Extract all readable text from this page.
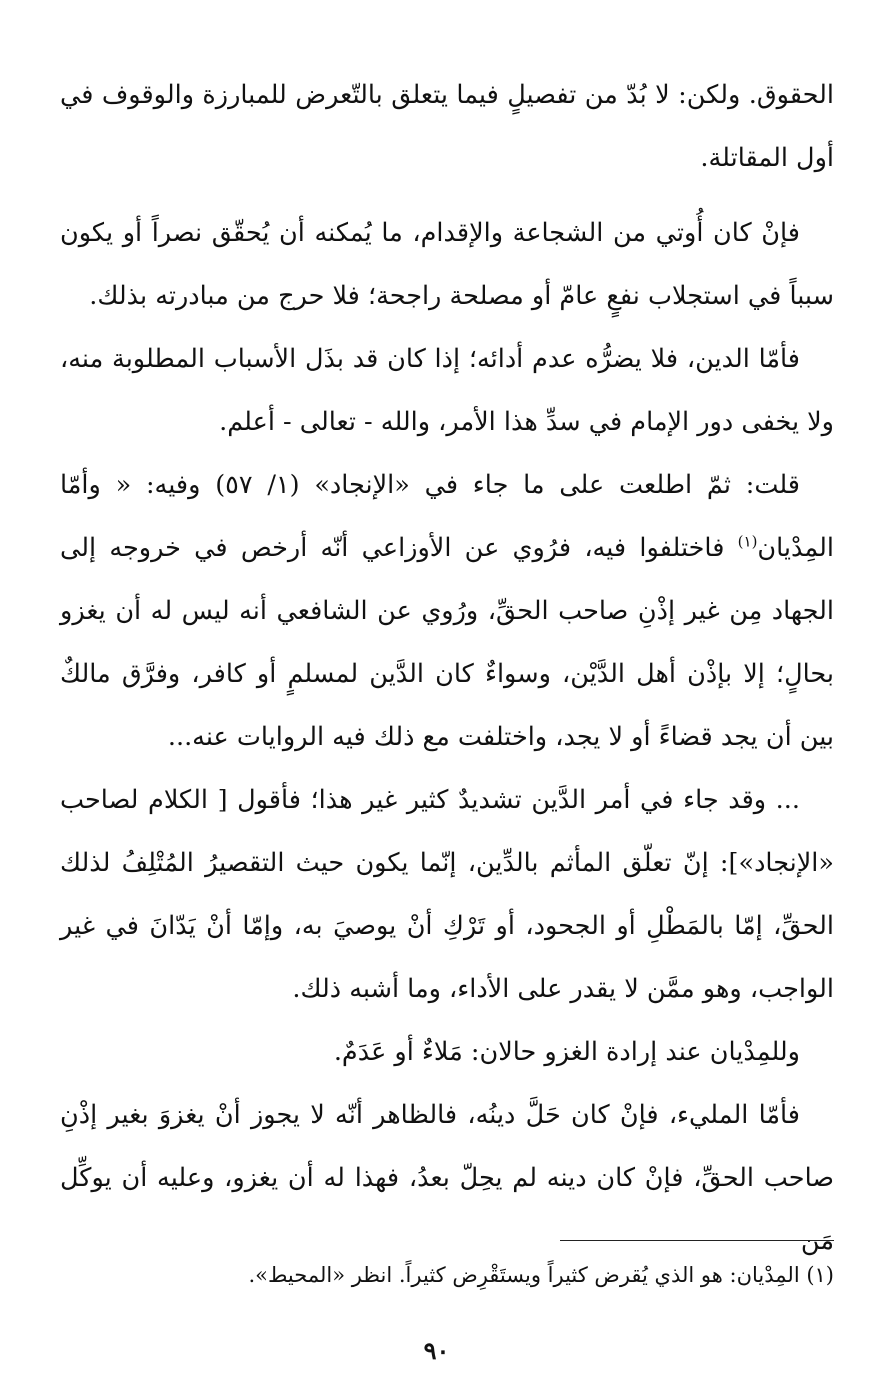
الحقوق. ولكن: لا بُدّ من تفصيلٍ فيما يتعلق بالتّعرض للمبارزة والوقوف في أول المقاتلة.

فإنْ كان أُوتي من الشجاعة والإقدام، ما يُمكنه أن يُحقّق نصراً أو يكون سبباً في استجلاب نفعٍ عامّ أو مصلحة راجحة؛ فلا حرج من مبادرته بذلك.

فأمّا الدين، فلا يضرُّه عدم أدائه؛ إذا كان قد بذَل الأسباب المطلوبة منه، ولا يخفى دور الإمام في سدِّ هذا الأمر، والله - تعالى - أعلم.

قلت: ثمّ اطلعت على ما جاء في «الإنجاد» (١/ ٥٧) وفيه: « وأمّا المِدْيان$^{(١)}$ فاختلفوا فيه، فرُوي عن الأوزاعي أنّه أرخص في خروجه إلى الجهاد مِن غير إذْنِ صاحب الحقِّ، ورُوي عن الشافعي أنه ليس له أن يغزو بحالٍ؛ إلا بإذْن أهل الدَّيْن، وسواءٌ كان الدَّين لمسلمٍ أو كافر، وفرَّق مالكٌ بين أن يجد قضاءً أو لا يجد، واختلفت مع ذلك فيه الروايات عنه...

... وقد جاء في أمر الدَّين تشديدٌ كثير غير هذا؛ فأقول [ الكلام لصاحب «الإنجاد»]: إنّ تعلّق المأثم بالدِّين، إنّما يكون حيث التقصيرُ المُتْلِفُ لذلك الحقِّ، إمّا بالمَطْلِ أو الجحود، أو تَرْكِ أنْ يوصيَ به، وإمّا أنْ يَدّانَ في غير الواجب، وهو ممَّن لا يقدر على الأداء، وما أشبه ذلك.

وللمِدْيان عند إرادة الغزو حالان: مَلاءٌ أو عَدَمٌ.

فأمّا المليء، فإنْ كان حَلَّ دينُه، فالظاهر أنّه لا يجوز أنْ يغزوَ بغير إذْنِ صاحب الحقِّ، فإنْ كان دينه لم يحِلّ بعدُ، فهذا له أن يغزو، وعليه أن يوكِّل مَن

(١) المِدْيان: هو الذي يُقرض كثيراً ويستَقْرِض كثيراً. انظر «المحيط».

٩٠
